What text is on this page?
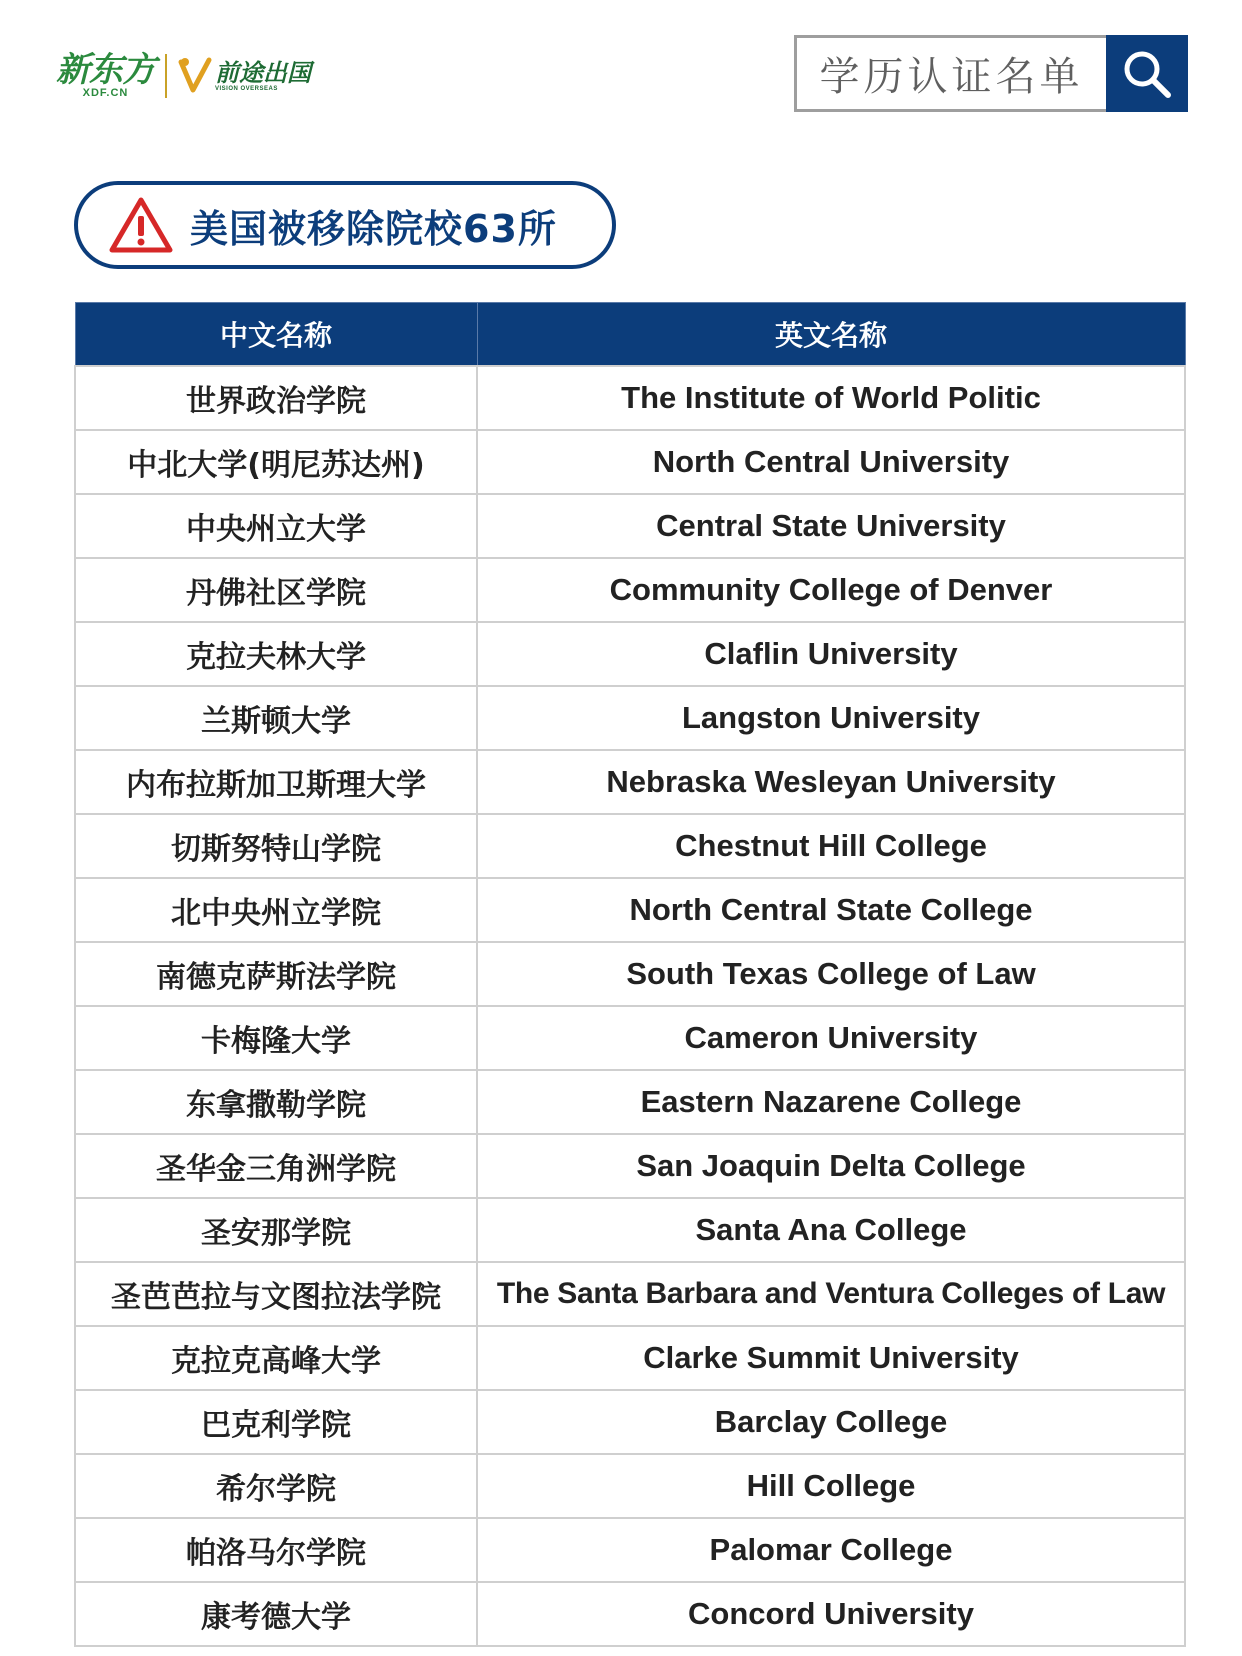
新东方
XDF.CN
前途出国
VISION OVERSEAS	学历认证名单
美国被移除院校63所
中文名称	英文名称
世界政治学院	The Institute of World Politic
中北大学(明尼苏达州)	North Central University
中央州立大学	Central State University
丹佛社区学院	Community College of Denver
克拉夫林大学	Claflin University
兰斯顿大学	Langston University
内布拉斯加卫斯理大学	Nebraska Wesleyan University
切斯努特山学院	Chestnut Hill College
北中央州立学院	North Central State College
南德克萨斯法学院	South Texas College of Law
卡梅隆大学	Cameron University
东拿撒勒学院	Eastern Nazarene College
圣华金三角洲学院	San Joaquin Delta College
圣安那学院	Santa Ana College
圣芭芭拉与文图拉法学院	The Santa Barbara and Ventura Colleges of Law
克拉克高峰大学	Clarke Summit University
巴克利学院	Barclay College
希尔学院	Hill College
帕洛马尔学院	Palomar College
康考德大学	Concord University
